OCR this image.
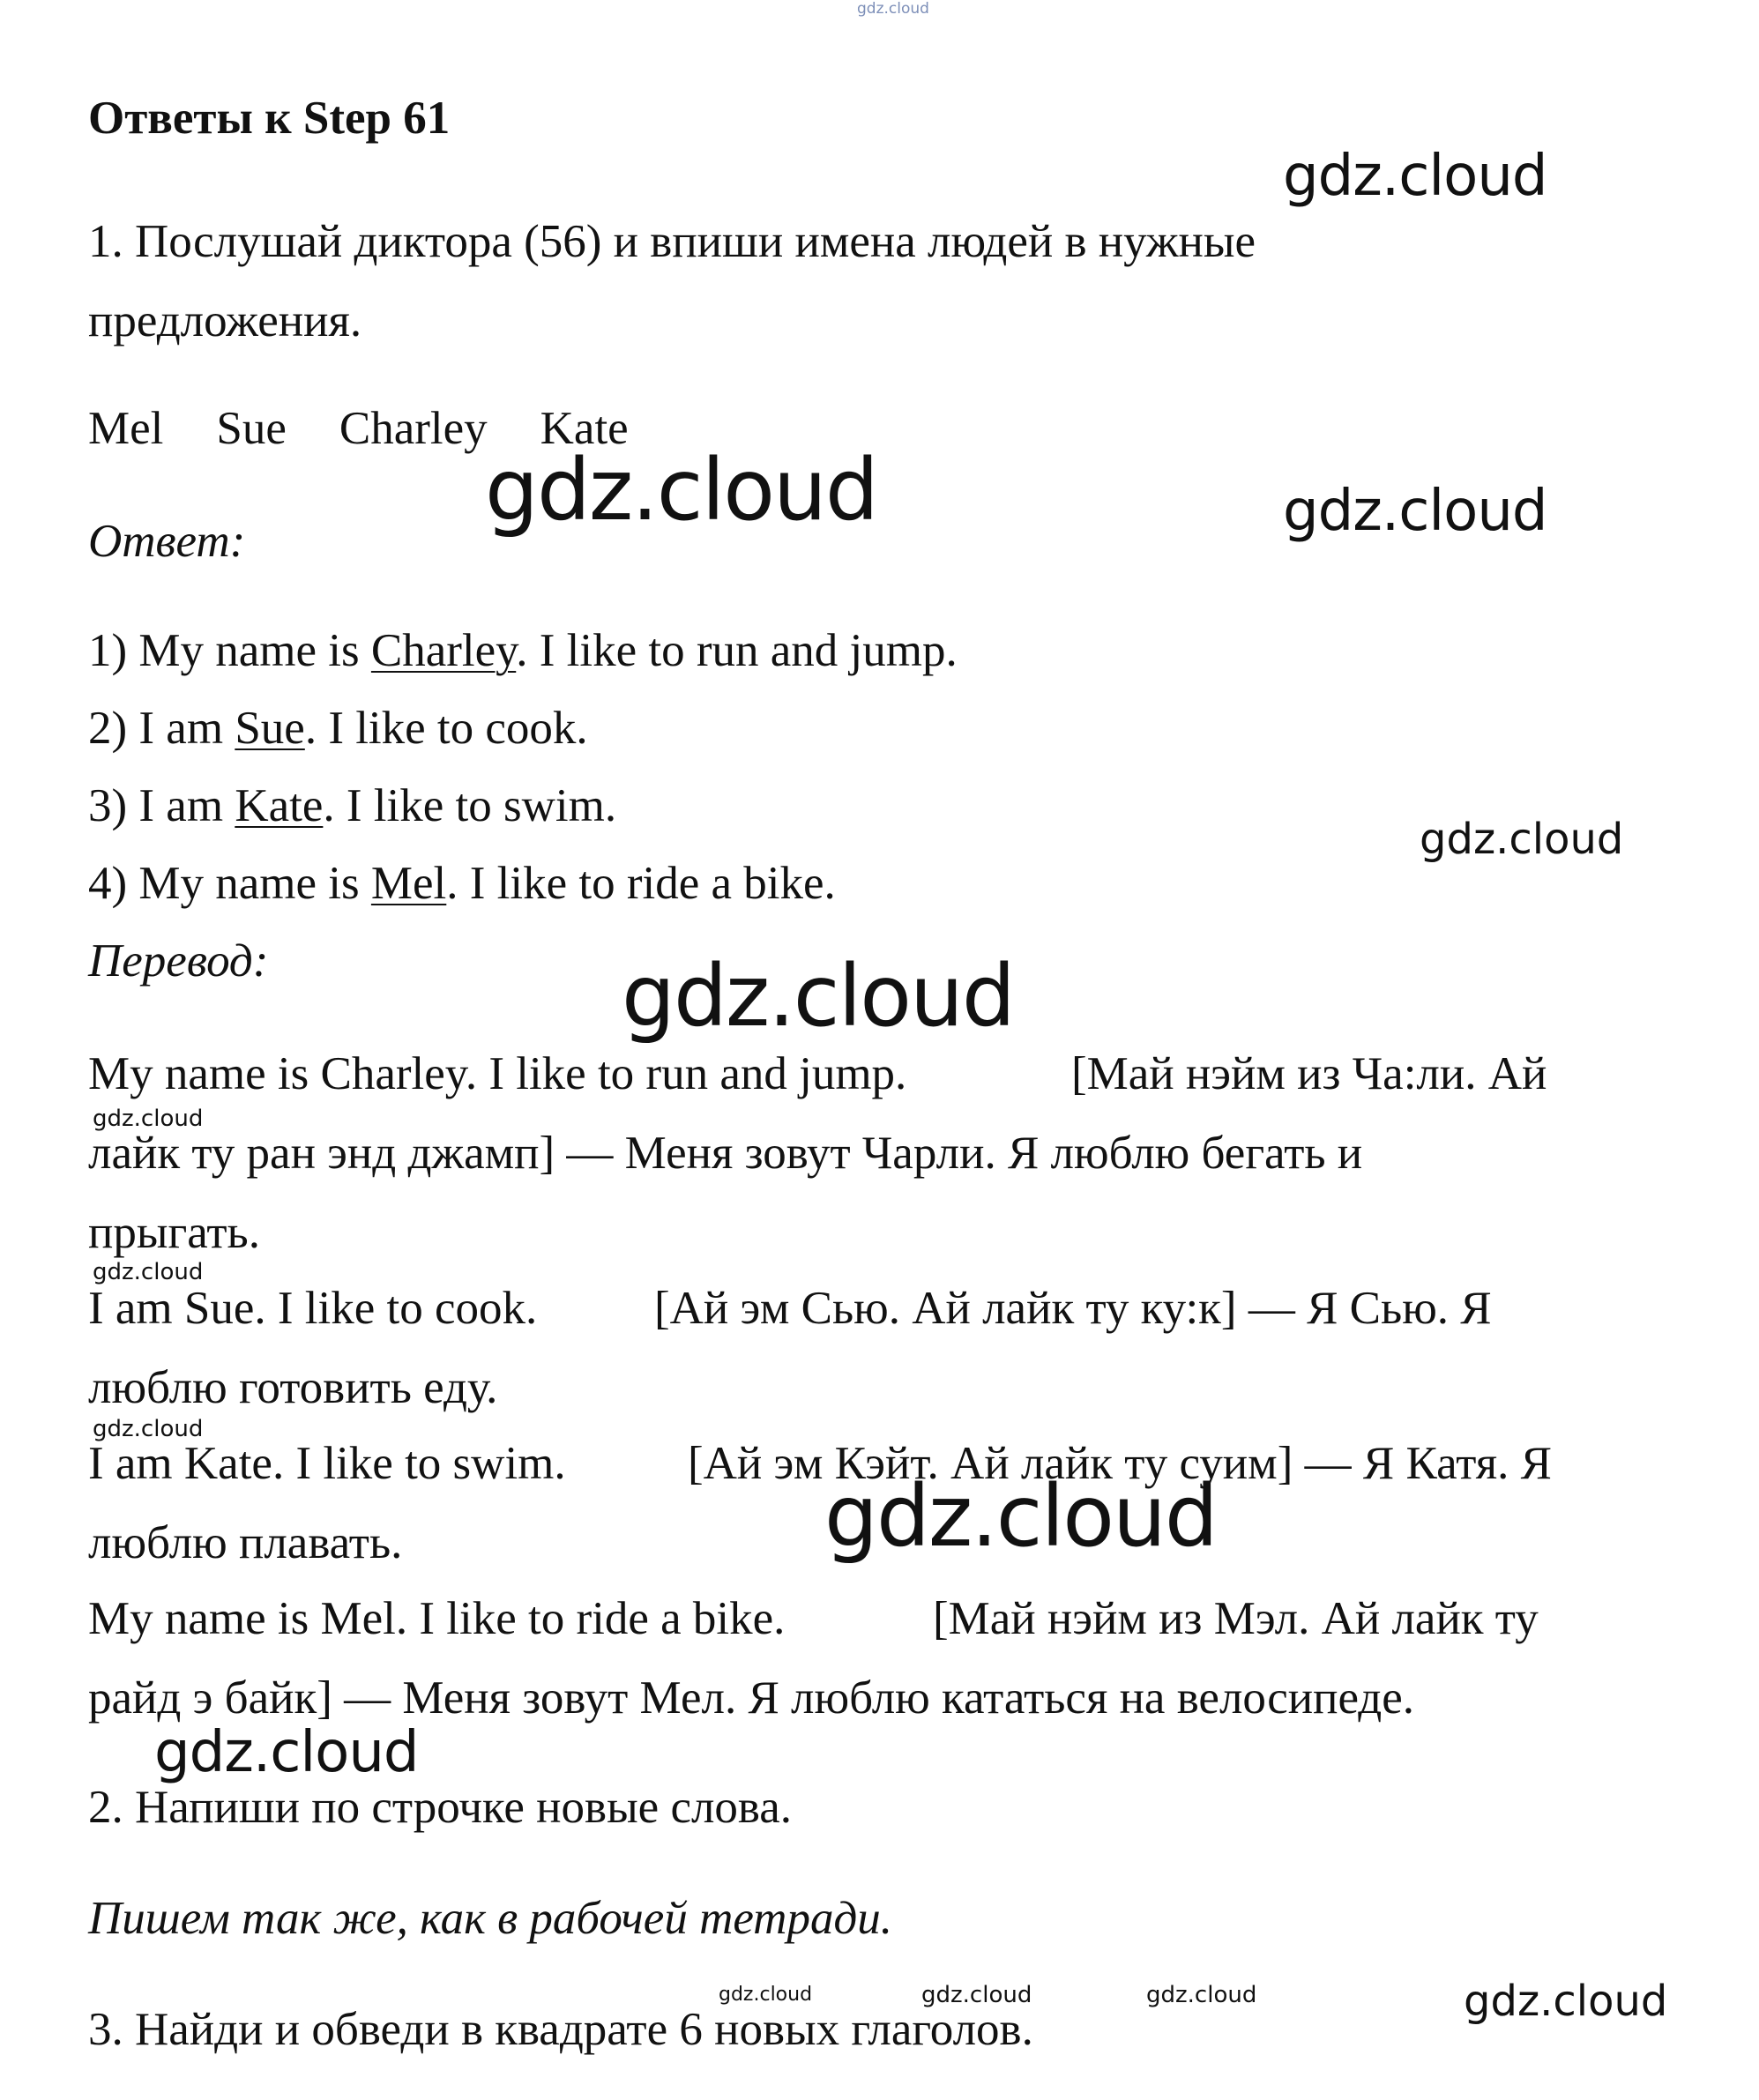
gdz.cloud
Ответы к Step 61
1. Послушай диктора (56) и впиши имена людей в нужные
предложения.
Mel Sue Charley Kate
Ответ:
1) My name is Charley. I like to run and jump.
2) I am Sue. I like to cook.
3) I am Kate. I like to swim.
4) My name is Mel. I like to ride a bike.
Перевод:
My name is Charley. I like to run and jump.	[Май нэйм из Ча:ли. Ай
лайк ту ран энд джамп] — Меня зовут Чарли. Я люблю бегать и
прыгать.
I am Sue. I like to cook.	[Ай эм Сью. Ай лайк ту ку:к] — Я Сью. Я
люблю готовить еду.
I am Kate. I like to swim.	[Ай эм Кэйт. Ай лайк ту суим] — Я Катя. Я
люблю плавать.
My name is Mel. I like to ride a bike.	[Май нэйм из Мэл. Ай лайк ту
райд э байк] — Меня зовут Мел. Я люблю кататься на велосипеде.
2. Напиши по строчке новые слова.
Пишем так же, как в рабочей тетради.
3. Найди и обведи в квадрате 6 новых глаголов.
gdz.cloud
gdz.cloud	gdz.cloud
gdz.cloud
gdz.cloud
gdz.cloud
gdz.cloud
gdz.cloud
gdz.cloud
gdz.cloud
gdz.cloud	gdz.cloud	gdz.cloud	gdz.cloud
